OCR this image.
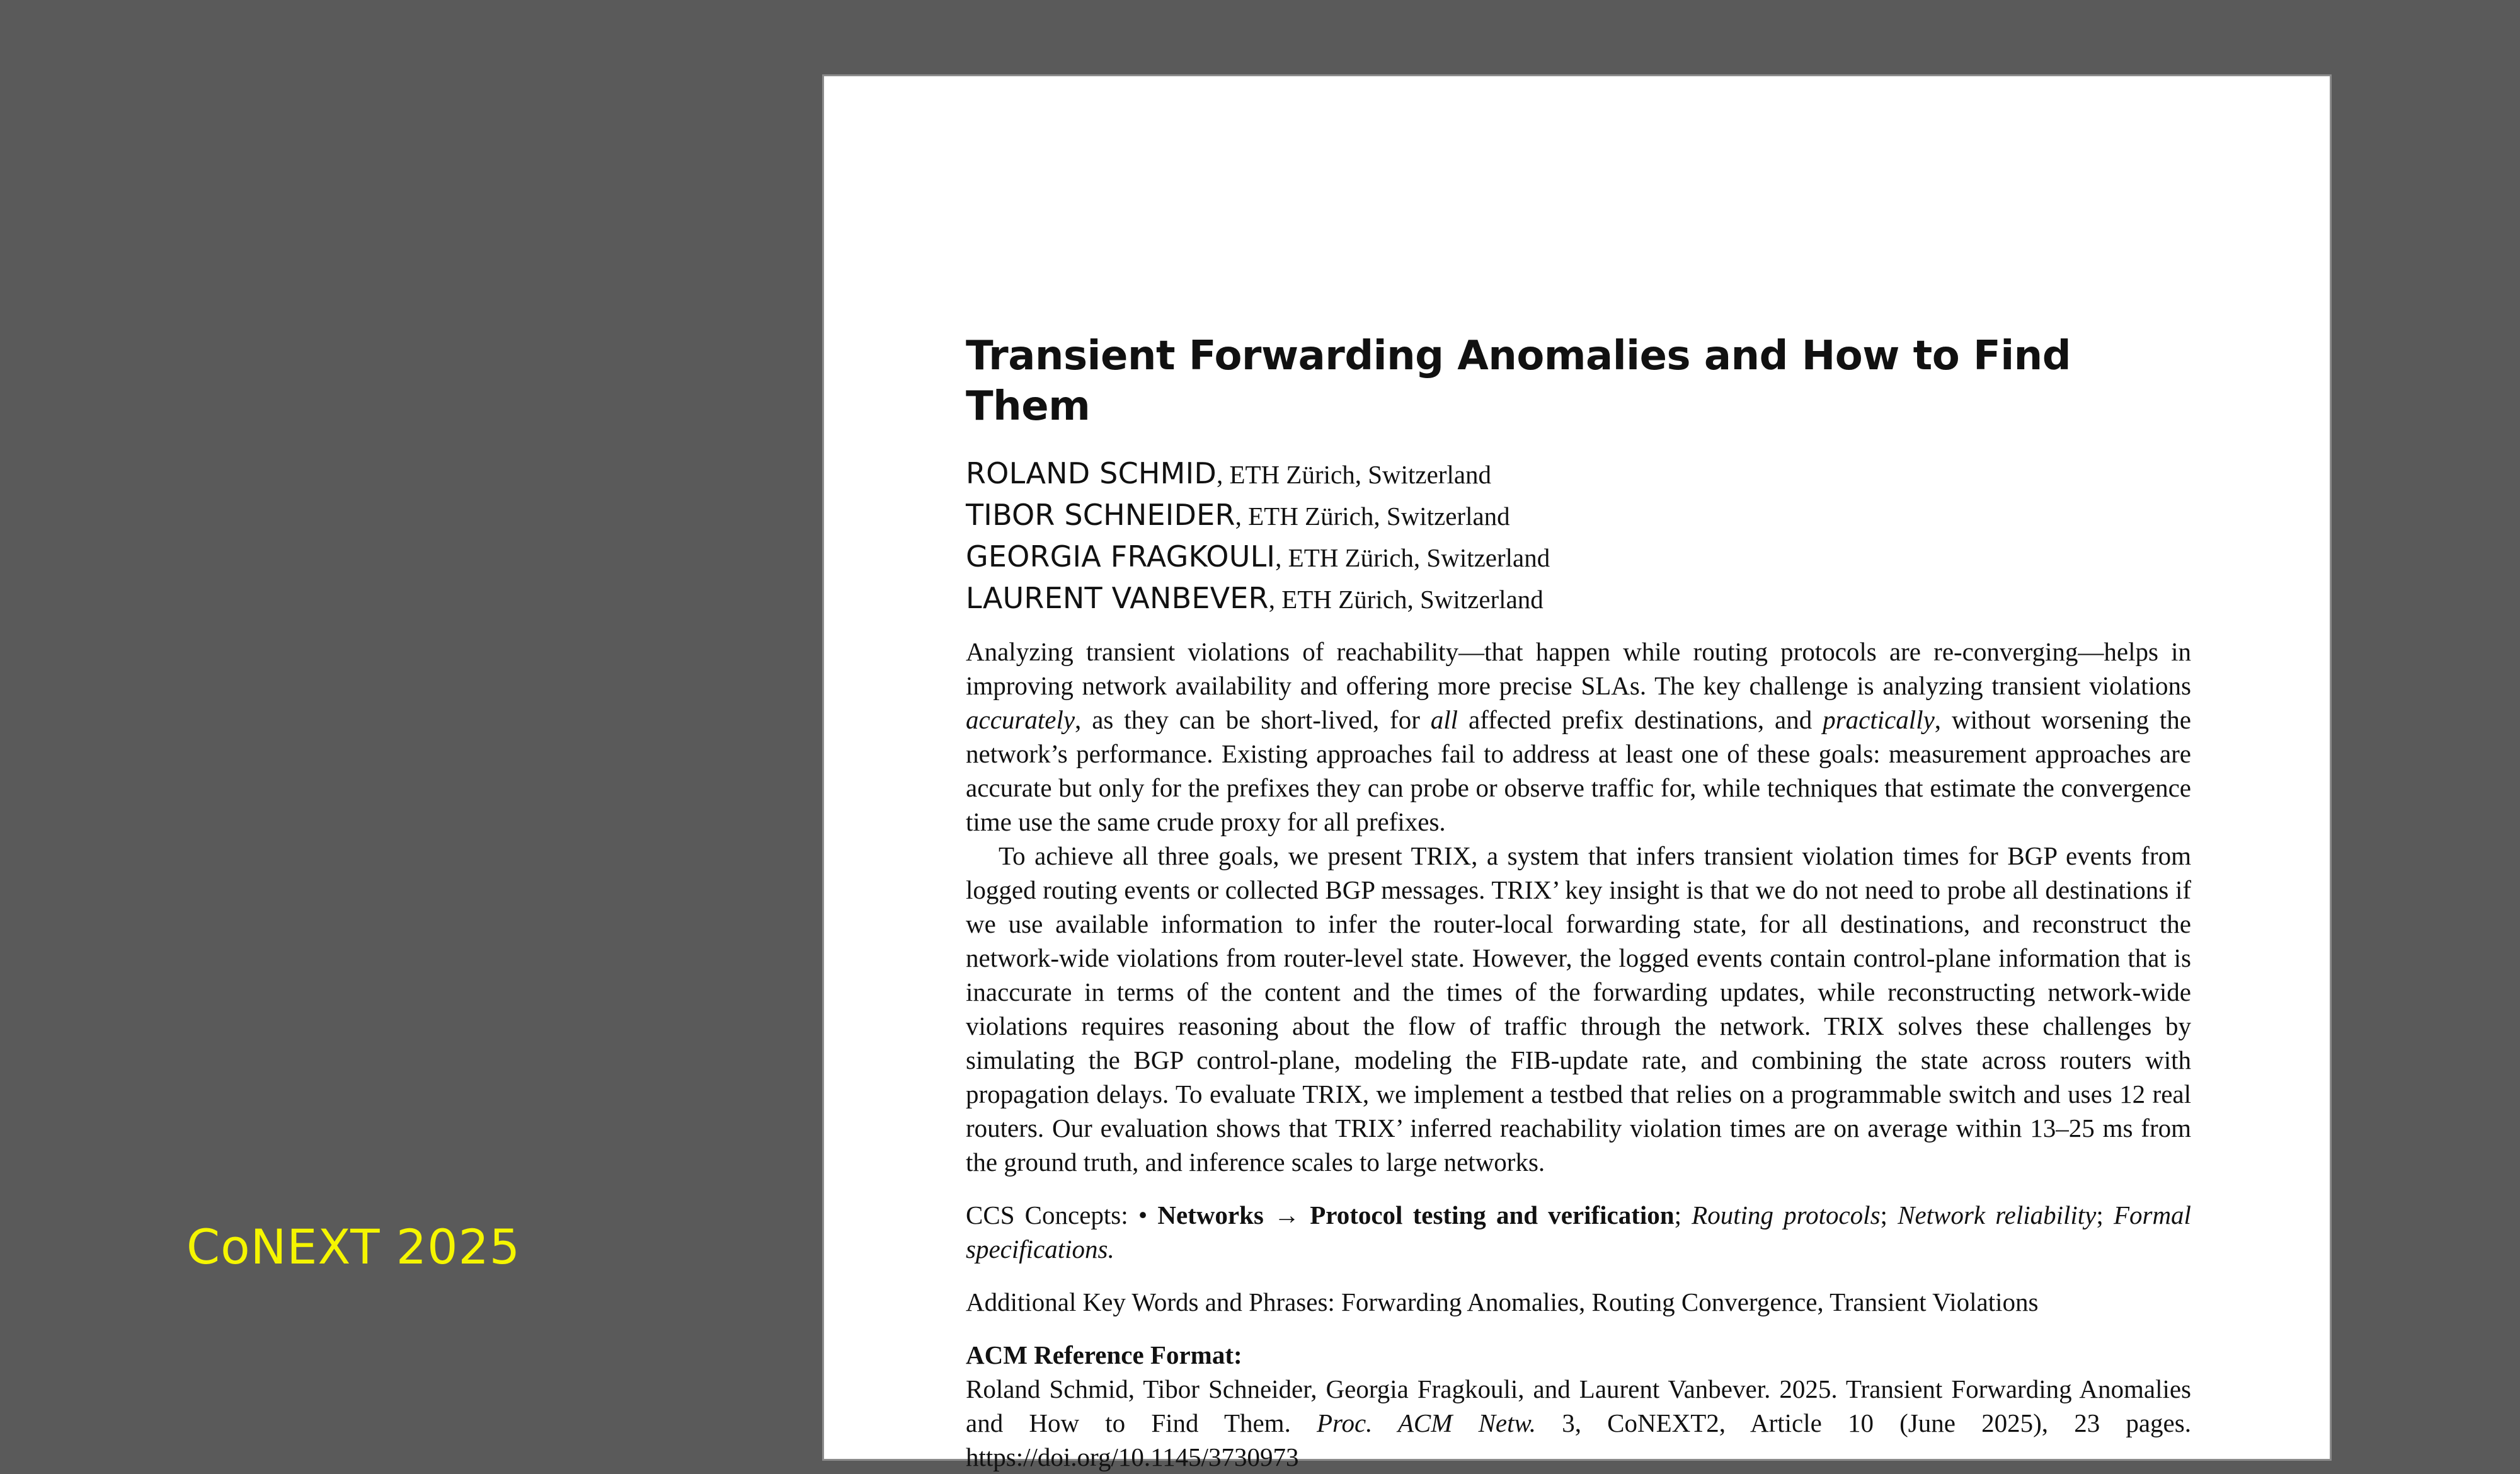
CoNEXT 2025
Transient Forwarding Anomalies and How to Find Them
ROLAND SCHMID, ETH Zürich, Switzerland
TIBOR SCHNEIDER, ETH Zürich, Switzerland
GEORGIA FRAGKOULI, ETH Zürich, Switzerland
LAURENT VANBEVER, ETH Zürich, Switzerland

Analyzing transient violations of reachability—that happen while routing protocols are re-converging—helps in improving network availability and offering more precise SLAs. The key challenge is analyzing transient violations accurately, as they can be short-lived, for all affected prefix destinations, and practically, without worsening the network’s performance. Existing approaches fail to address at least one of these goals: measurement approaches are accurate but only for the prefixes they can probe or observe traffic for, while techniques that estimate the convergence time use the same crude proxy for all prefixes.

To achieve all three goals, we present TRIX, a system that infers transient violation times for BGP events from logged routing events or collected BGP messages. TRIX’ key insight is that we do not need to probe all destinations if we use available information to infer the router-local forwarding state, for all destinations, and reconstruct the network-wide violations from router-level state. However, the logged events contain control-plane information that is inaccurate in terms of the content and the times of the forwarding updates, while reconstructing network-wide violations requires reasoning about the flow of traffic through the network. TRIX solves these challenges by simulating the BGP control-plane, modeling the FIB-update rate, and combining the state across routers with propagation delays. To evaluate TRIX, we implement a testbed that relies on a programmable switch and uses 12 real routers. Our evaluation shows that TRIX’ inferred reachability violation times are on average within 13–25 ms from the ground truth, and inference scales to large networks.

CCS Concepts: • Networks → Protocol testing and verification; Routing protocols; Network reliability; Formal specifications.
Additional Key Words and Phrases: Forwarding Anomalies, Routing Convergence, Transient Violations
ACM Reference Format:
Roland Schmid, Tibor Schneider, Georgia Fragkouli, and Laurent Vanbever. 2025. Transient Forwarding Anomalies and How to Find Them. Proc. ACM Netw. 3, CoNEXT2, Article 10 (June 2025), 23 pages. https://doi.org/10.1145/3730973
